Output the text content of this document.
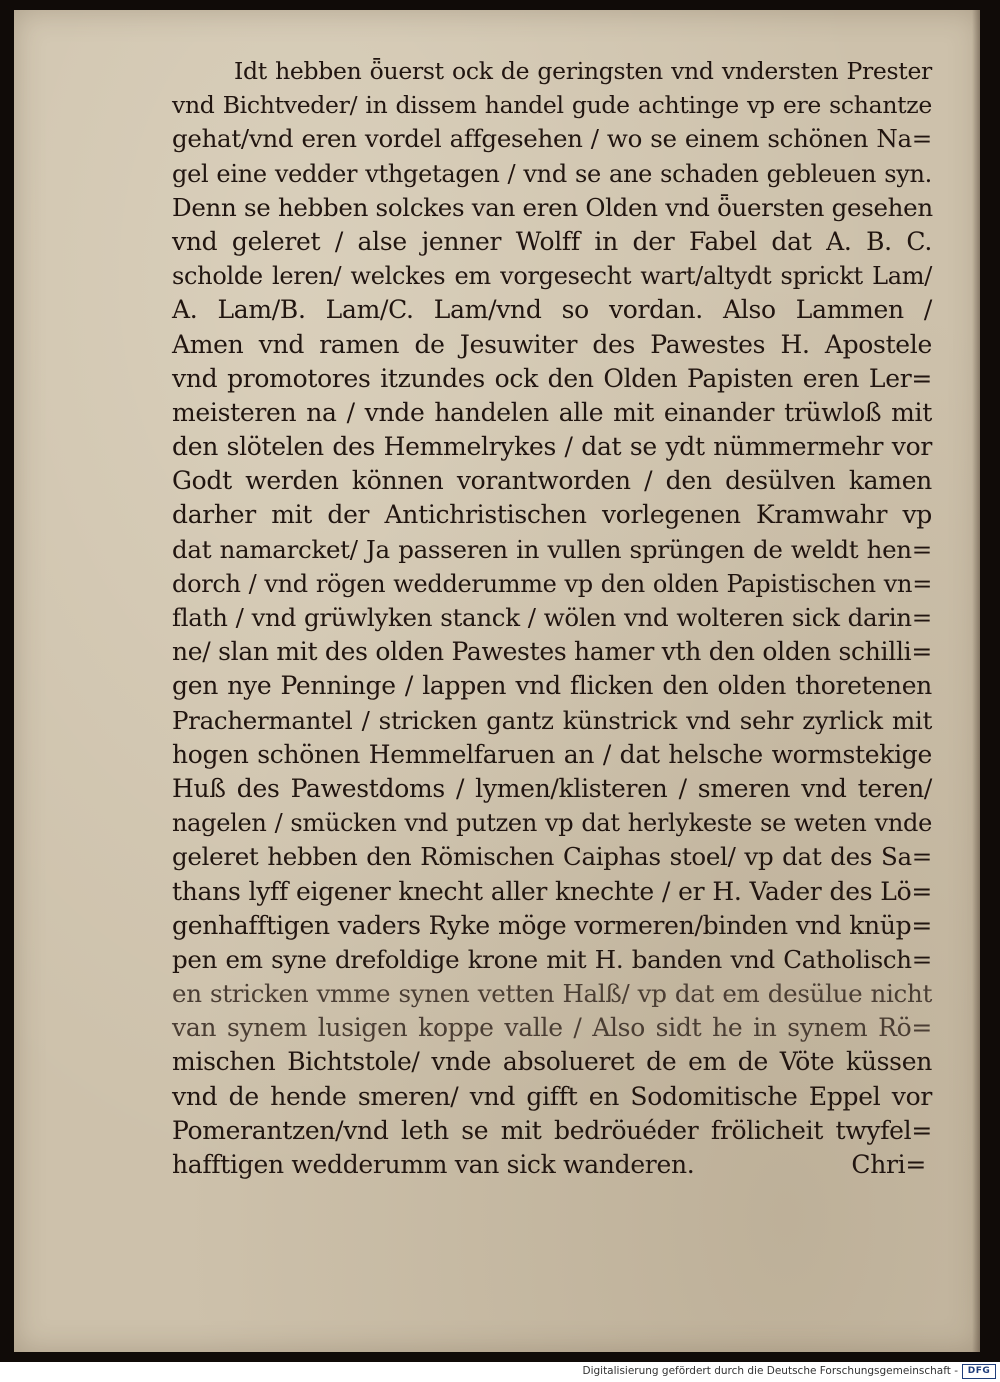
Idt hebben ȫuerst ock de geringsten vnd vndersten Prester
vnd Bichtveder/ in dissem handel gude achtinge vp ere schantze
gehat/vnd eren vordel affgesehen / wo se einem schönen Na=
gel eine vedder vthgetagen / vnd se ane schaden gebleuen syn.
Denn se hebben solckes van eren Olden vnd ȫuersten gesehen
vnd geleret / alse jenner Wolff in der Fabel dat A. B. C.
scholde leren/ welckes em vorgesecht wart/altydt sprickt Lam/
A. Lam/B. Lam/C. Lam/vnd so vordan. Also Lammen /
Amen vnd ramen de Jesuwiter des Pawestes H. Apostele
vnd promotores itzundes ock den Olden Papisten eren Ler=
meisteren na / vnde handelen alle mit einander trüwloß mit
den slötelen des Hemmelrykes / dat se ydt nümmermehr vor
Godt werden können vorantworden / den desülven kamen
darher mit der Antichristischen vorlegenen Kramwahr vp
dat namarcket/ Ja passeren in vullen sprüngen de weldt hen=
dorch / vnd rögen wedderumme vp den olden Papistischen vn=
flath / vnd grüwlyken stanck / wölen vnd wolteren sick darin=
ne/ slan mit des olden Pawestes hamer vth den olden schilli=
gen nye Penninge / lappen vnd flicken den olden thoretenen
Prachermantel / stricken gantz künstrick vnd sehr zyrlick mit
hogen schönen Hemmelfaruen an / dat helsche wormstekige
Huß des Pawestdoms / lymen/klisteren / smeren vnd teren/
nagelen / smücken vnd putzen vp dat herlykeste se weten vnde
geleret hebben den Römischen Caiphas stoel/ vp dat des Sa=
thans lyff eigener knecht aller knechte / er H. Vader des Lö=
genhafftigen vaders Ryke möge vormeren/binden vnd knüp=
pen em syne drefoldige krone mit H. banden vnd Catholisch=
en stricken vmme synen vetten Halß/ vp dat em desülue nicht
van synem lusigen koppe valle / Also sidt he in synem Rö=
mischen Bichtstole/ vnde absolueret de em de Vöte küssen
vnd de hende smeren/ vnd gifft en Sodomitische Eppel vor
Pomerantzen/vnd leth se mit bedröuéder frölicheit twyfel=
hafftigen wedderumm van sick wanderen.	Chri=
Digitalisierung gefördert durch die Deutsche Forschungsgemeinschaft -	DFG
